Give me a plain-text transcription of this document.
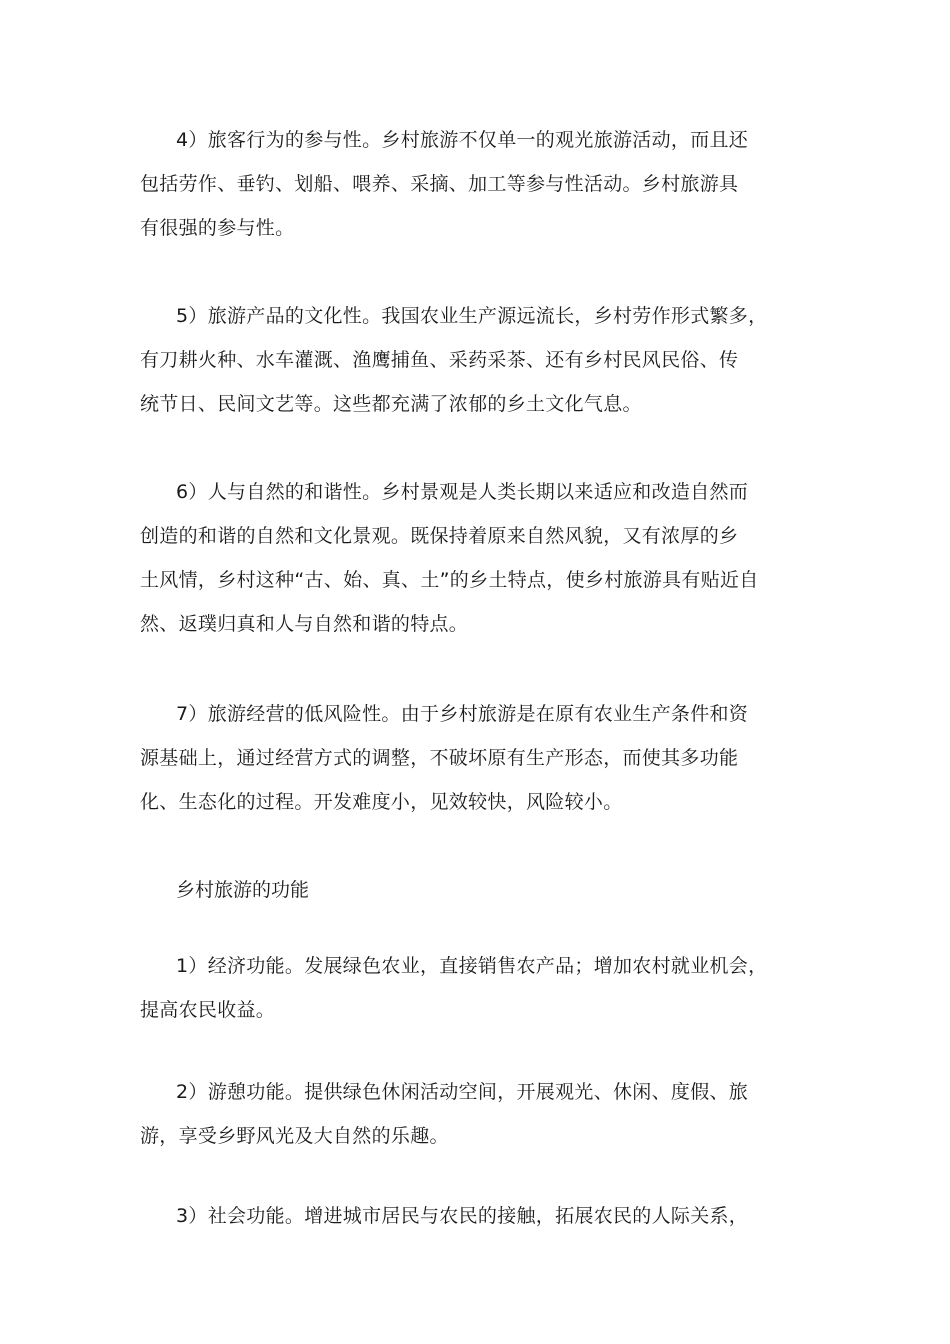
4）旅客行为的参与性。乡村旅游不仅单一的观光旅游活动，而且还
包括劳作、垂钓、划船、喂养、采摘、加工等参与性活动。乡村旅游具
有很强的参与性。
5）旅游产品的文化性。我国农业生产源远流长，乡村劳作形式繁多，
有刀耕火种、水车灌溉、渔鹰捕鱼、采药采茶、还有乡村民风民俗、传
统节日、民间文艺等。这些都充满了浓郁的乡土文化气息。
6）人与自然的和谐性。乡村景观是人类长期以来适应和改造自然而
创造的和谐的自然和文化景观。既保持着原来自然风貌，又有浓厚的乡
土风情，乡村这种“古、始、真、土”的乡土特点，使乡村旅游具有贴近自
然、返璞归真和人与自然和谐的特点。
7）旅游经营的低风险性。由于乡村旅游是在原有农业生产条件和资
源基础上，通过经营方式的调整，不破坏原有生产形态，而使其多功能
化、生态化的过程。开发难度小，见效较快，风险较小。
乡村旅游的功能
1）经济功能。发展绿色农业，直接销售农产品；增加农村就业机会，
提高农民收益。
2）游憩功能。提供绿色休闲活动空间，开展观光、休闲、度假、旅
游，享受乡野风光及大自然的乐趣。
3）社会功能。增进城市居民与农民的接触，拓展农民的人际关系，
